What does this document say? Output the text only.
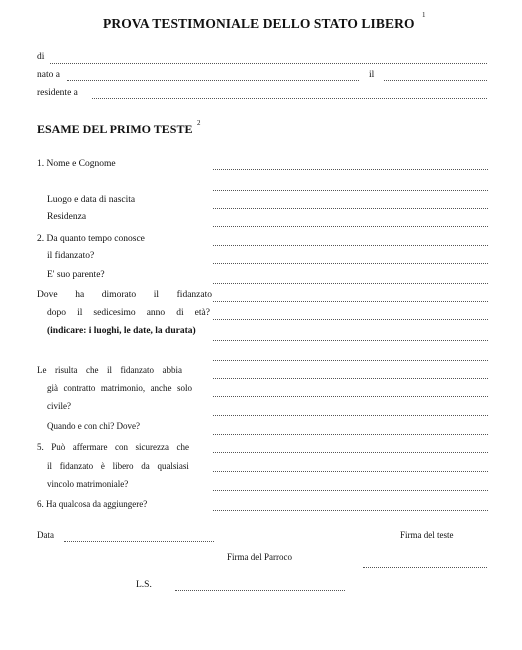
PROVA TESTIMONIALE DELLO STATO LIBERO
1
di
nato a	il
residente a
ESAME DEL PRIMO TESTE 2
1. Nome e Cognome
Luogo e data di nascita
Residenza
2. Da quanto tempo conosce
il fidanzato?
E' suo parente?
Dove ha dimorato il fidanzato
dopo il sedicesimo anno di età?
(indicare: i luoghi, le date, la durata)
Le risulta che il fidanzato abbia
già contratto matrimonio, anche solo
civile?
Quando e con chi? Dove?
5. Può affermare con sicurezza che
il fidanzato è libero da qualsiasi
vincolo matrimoniale?
6. Ha qualcosa da aggiungere?
Data	Firma del teste
Firma del Parroco
L.S.
